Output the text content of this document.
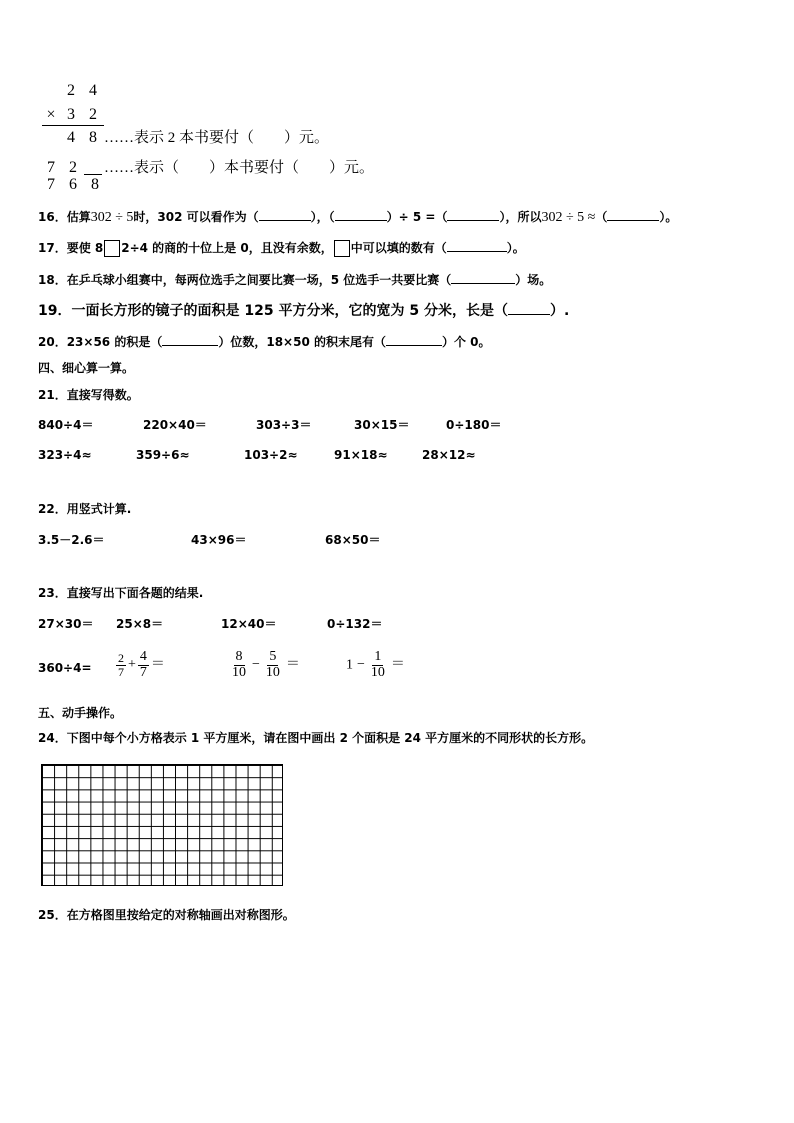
2 4
× 3 2
4 8 ……表示 2 本书要付（　　）元。
7 2 ……表示（　　）本书要付（　　）元。
7 6 8
16．估算302 ÷ 5时，302 可以看作为（	），（	）÷ 5 =（	），所以302 ÷ 5 ≈（	）。
17．要使 8 2÷4 的商的十位上是 0，且没有余数， 中可以填的数有（	）。
18．在乒乓球小组赛中，每两位选手之间要比赛一场，5 位选手一共要比赛（	）场。
19．一面长方形的镜子的面积是 125 平方分米，它的宽为 5 分米，长是（	）.
20．23×56 的积是（	）位数，18×50 的积末尾有（	）个 0。
四、细心算一算。
21．直接写得数。
840÷4＝	220×40＝	303÷3＝	30×15＝	0÷180＝
323÷4≈	359÷6≈	103÷2≈	91×18≈	28×12≈
22．用竖式计算.
3.5－2.6＝	43×96＝	68×50＝
23．直接写出下面各题的结果.
27×30＝ 25×8＝	12×40＝	0÷132＝
$360\div 4= \frac{2}{7} + \frac{4}{7}$ ＝	$\frac{8}{10} - \frac{5}{10}$ ＝	$1 - \frac{1}{10}$ ＝
五、动手操作。
24．下图中每个小方格表示 1 平方厘米，请在图中画出 2 个面积是 24 平方厘米的不同形状的长方形。
25．在方格图里按给定的对称轴画出对称图形。
